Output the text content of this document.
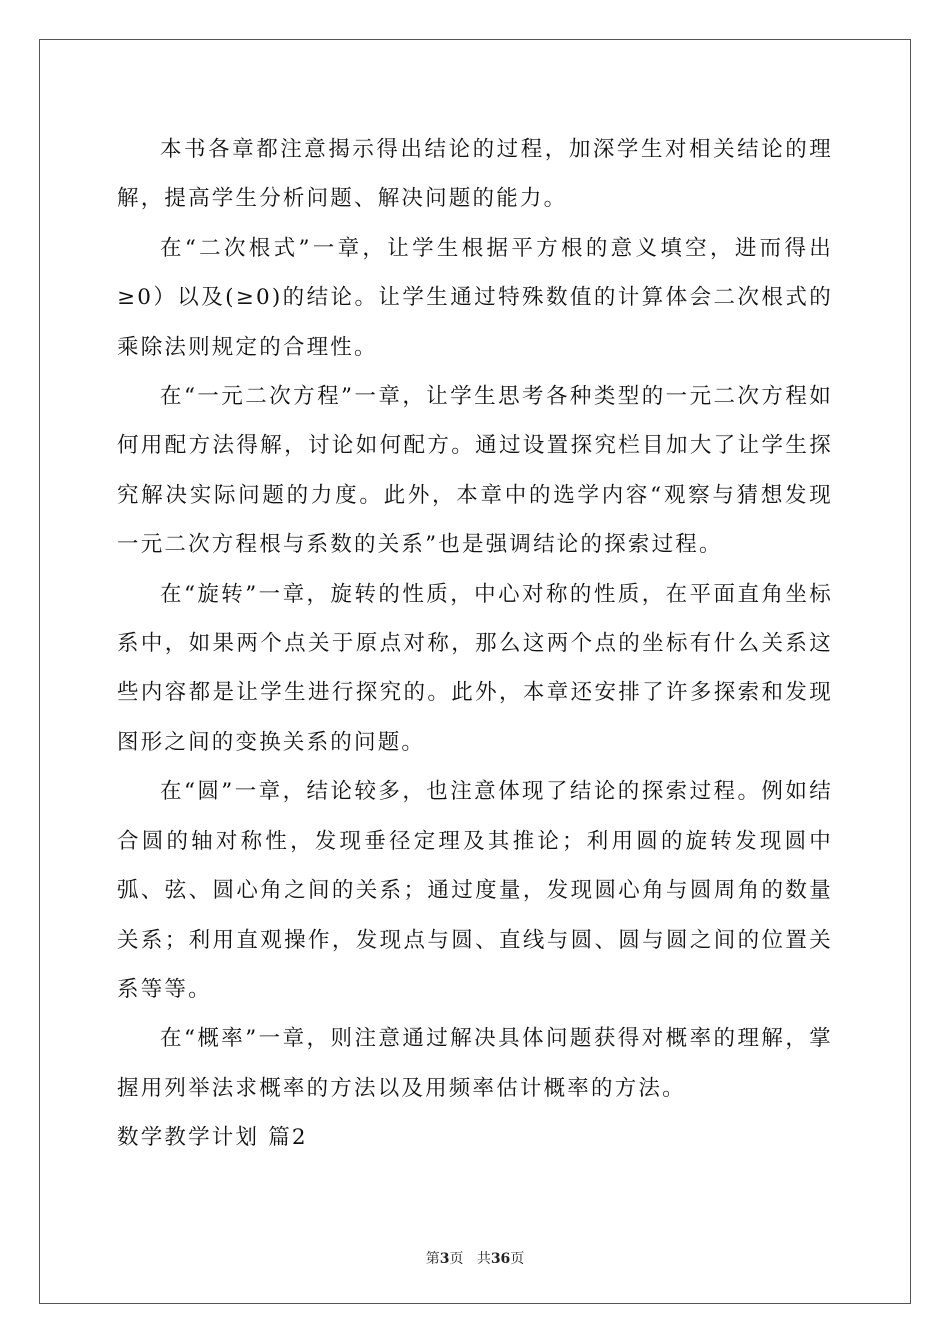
本书各章都注意揭示得出结论的过程，加深学生对相关结论的理解，提高学生分析问题、解决问题的能力。

在“二次根式”一章，让学生根据平方根的意义填空，进而得出≥0）以及(≥0)的结论。让学生通过特殊数值的计算体会二次根式的乘除法则规定的合理性。

在“一元二次方程”一章，让学生思考各种类型的一元二次方程如何用配方法得解，讨论如何配方。通过设置探究栏目加大了让学生探究解决实际问题的力度。此外，本章中的选学内容“观察与猜想发现一元二次方程根与系数的关系”也是强调结论的探索过程。

在“旋转”一章，旋转的性质，中心对称的性质，在平面直角坐标系中，如果两个点关于原点对称，那么这两个点的坐标有什么关系这些内容都是让学生进行探究的。此外，本章还安排了许多探索和发现图形之间的变换关系的问题。

在“圆”一章，结论较多，也注意体现了结论的探索过程。例如结合圆的轴对称性，发现垂径定理及其推论；利用圆的旋转发现圆中弧、弦、圆心角之间的关系；通过度量，发现圆心角与圆周角的数量关系；利用直观操作，发现点与圆、直线与圆、圆与圆之间的位置关系等等。

在“概率”一章，则注意通过解决具体问题获得对概率的理解，掌握用列举法求概率的方法以及用频率估计概率的方法。

数学教学计划 篇2

第3页 共36页
